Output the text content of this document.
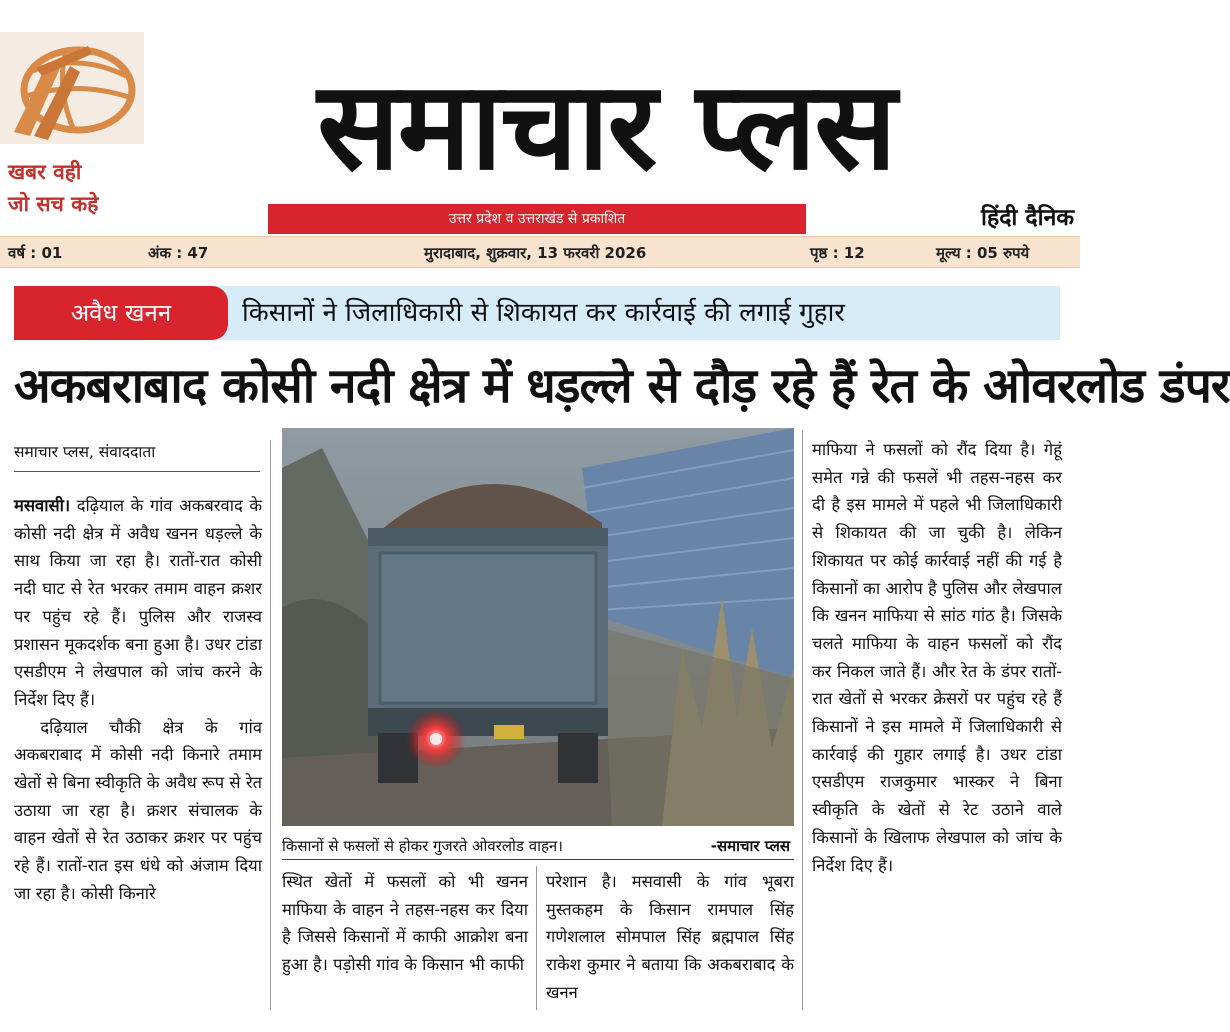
खबर वही
जो सच कहे
समाचार प्लस
उत्तर प्रदेश व उत्तराखंड से प्रकाशित	हिंदी दैनिक
वर्ष : 01	अंक : 47	मुरादाबाद, शुक्रवार, 13 फरवरी 2026	पृष्ठ : 12	मूल्य : 05 रुपये
अवैध खनन	किसानों ने जिलाधिकारी से शिकायत कर कार्रवाई की लगाई गुहार
अकबराबाद कोसी नदी क्षेत्र में धड़ल्ले से दौड़ रहे हैं रेत के ओवरलोड डंपर
समाचार प्लस, संवाददाता

मसवासी। दढ़ियाल के गांव अकबरवाद के कोसी नदी क्षेत्र में अवैध खनन धड़ल्ले के साथ किया जा रहा है। रातों-रात कोसी नदी घाट से रेत भरकर तमाम वाहन क्रशर पर पहुंच रहे हैं। पुलिस और राजस्व प्रशासन मूकदर्शक बना हुआ है। उधर टांडा एसडीएम ने लेखपाल को जांच करने के निर्देश दिए हैं।

दढ़ियाल चौकी क्षेत्र के गांव अकबराबाद में कोसी नदी किनारे तमाम खेतों से बिना स्वीकृति के अवैध रूप से रेत उठाया जा रहा है। क्रशर संचालक के वाहन खेतों से रेत उठाकर क्रशर पर पहुंच रहे हैं। रातों-रात इस धंधे को अंजाम दिया जा रहा है। कोसी किनारे

किसानों से फसलों से होकर गुजरते ओवरलोड वाहन।	-समाचार प्लस

स्थित खेतों में फसलों को भी खनन माफिया के वाहन ने तहस-नहस कर दिया है जिससे किसानों में काफी आक्रोश बना हुआ है। पड़ोसी गांव के किसान भी काफी

परेशान है। मसवासी के गांव भूबरा मुस्तकहम के किसान रामपाल सिंह गणेशलाल सोमपाल सिंह ब्रह्मपाल सिंह राकेश कुमार ने बताया कि अकबराबाद के खनन

माफिया ने फसलों को रौंद दिया है। गेहूं समेत गन्ने की फसलें भी तहस-नहस कर दी है इस मामले में पहले भी जिलाधिकारी से शिकायत की जा चुकी है। लेकिन शिकायत पर कोई कार्रवाई नहीं की गई है किसानों का आरोप है पुलिस और लेखपाल कि खनन माफिया से सांठ गांठ है। जिसके चलते माफिया के वाहन फसलों को रौंद कर निकल जाते हैं। और रेत के डंपर रातों-रात खेतों से भरकर क्रेसरों पर पहुंच रहे हैं किसानों ने इस मामले में जिलाधिकारी से कार्रवाई की गुहार लगाई है। उधर टांडा एसडीएम राजकुमार भास्कर ने बिना स्वीकृति के खेतों से रेट उठाने वाले किसानों के खिलाफ लेखपाल को जांच के निर्देश दिए हैं।
